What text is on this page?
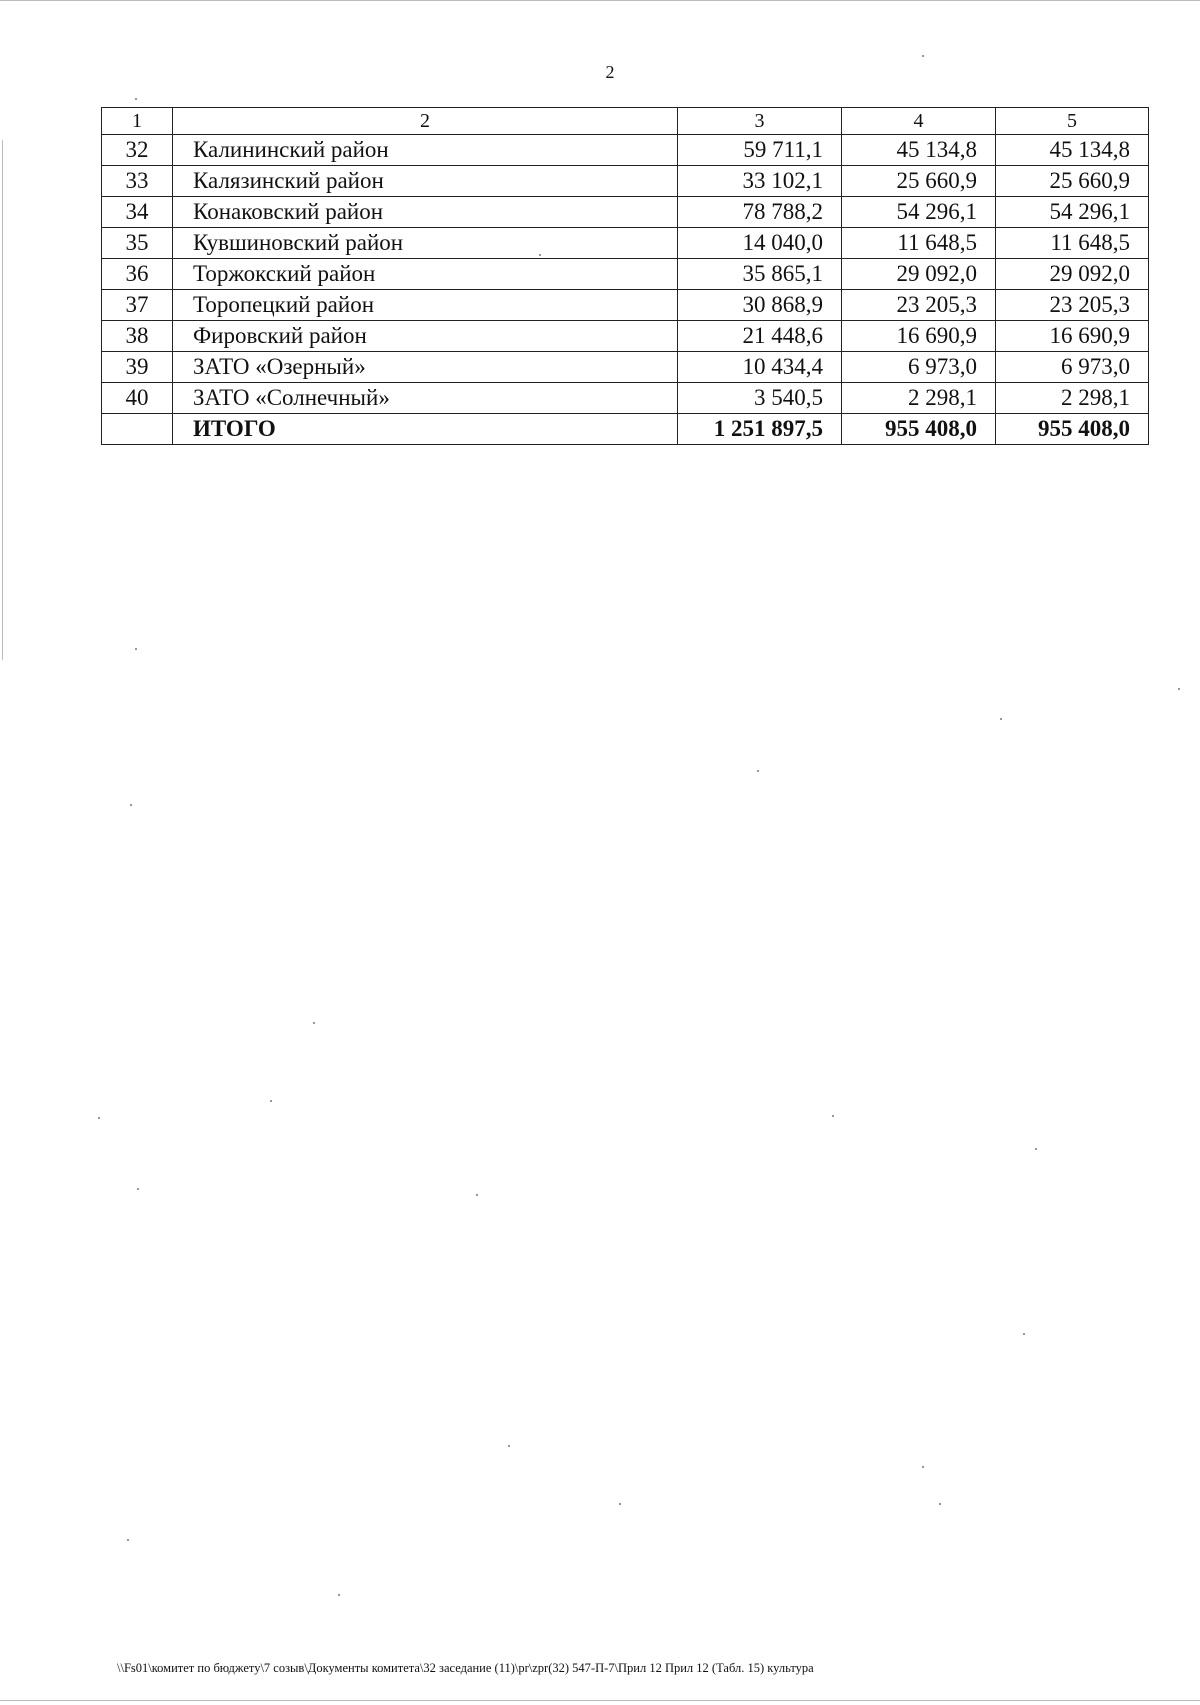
2
1	2	3	4	5
32	Калининский район	59 711,1	45 134,8	45 134,8
33	Калязинский район	33 102,1	25 660,9	25 660,9
34	Конаковский район	78 788,2	54 296,1	54 296,1
35	Кувшиновский район	14 040,0	11 648,5	11 648,5
36	Торжокский район	35 865,1	29 092,0	29 092,0
37	Торопецкий район	30 868,9	23 205,3	23 205,3
38	Фировский район	21 448,6	16 690,9	16 690,9
39	ЗАТО «Озерный»	10 434,4	6 973,0	6 973,0
40	ЗАТО «Солнечный»	3 540,5	2 298,1	2 298,1
	ИТОГО	1 251 897,5	955 408,0	955 408,0
\\Fs01\комитет по бюджету\7 созыв\Документы комитета\32 заседание (11)\pr\zpr(32) 547-П-7\Прил 12 Прил 12 (Табл. 15) культура
